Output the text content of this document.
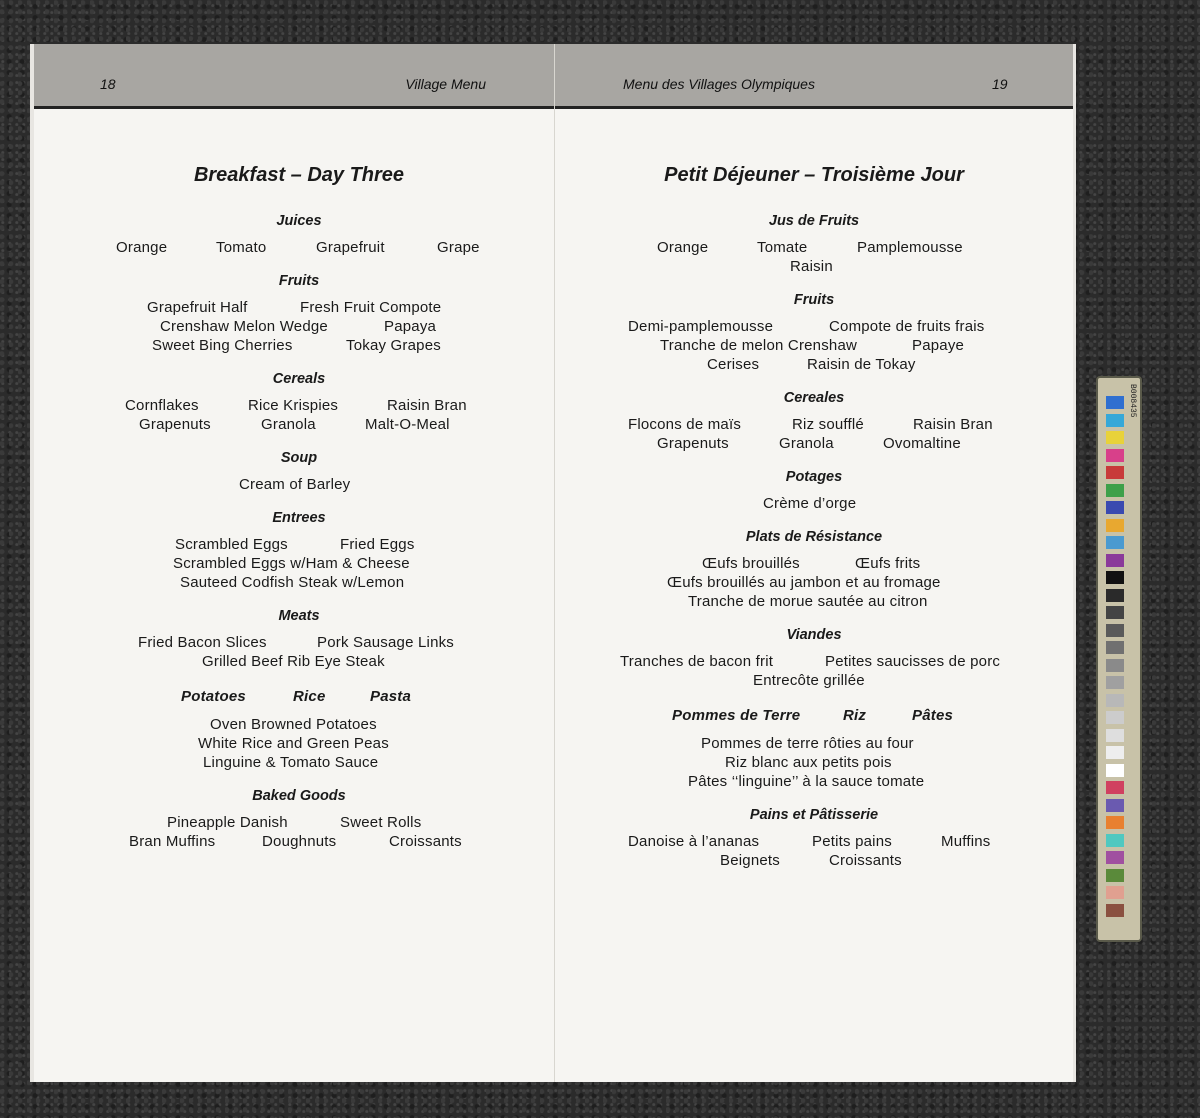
18	Village Menu
Breakfast – Day Three
Juices
Orange	Tomato	Grapefruit	Grape
Fruits
Grapefruit Half	Fresh Fruit Compote
Crenshaw Melon Wedge	Papaya
Sweet Bing Cherries	Tokay Grapes
Cereals
Cornflakes	Rice Krispies	Raisin Bran
Grapenuts	Granola	Malt-O-Meal
Soup
Cream of Barley
Entrees
Scrambled Eggs	Fried Eggs
Scrambled Eggs w/Ham & Cheese
Sauteed Codfish Steak w/Lemon
Meats
Fried Bacon Slices	Pork Sausage Links
Grilled Beef Rib Eye Steak
Potatoes	Rice	Pasta
Oven Browned Potatoes
White Rice and Green Peas
Linguine & Tomato Sauce
Baked Goods
Pineapple Danish	Sweet Rolls
Bran Muffins	Doughnuts	Croissants
Menu des Villages Olympiques	19
Petit Déjeuner – Troisième Jour
Jus de Fruits
Orange	Tomate	Pamplemousse
Raisin
Fruits
Demi-pamplemousse	Compote de fruits frais
Tranche de melon Crenshaw	Papaye
Cerises	Raisin de Tokay
Cereales
Flocons de maïs	Riz soufflé	Raisin Bran
Grapenuts	Granola	Ovomaltine
Potages
Crème d’orge
Plats de Résistance
Œufs brouillés	Œufs frits
Œufs brouillés au jambon et au fromage
Tranche de morue sautée au citron
Viandes
Tranches de bacon frit	Petites saucisses de porc
Entrecôte grillée
Pommes de Terre	Riz	Pâtes
Pommes de terre rôties au four
Riz blanc aux petits pois
Pâtes ‘‘linguine’’ à la sauce tomate
Pains et Pâtisserie
Danoise à l’ananas	Petits pains	Muffins
Beignets	Croissants
B008435
